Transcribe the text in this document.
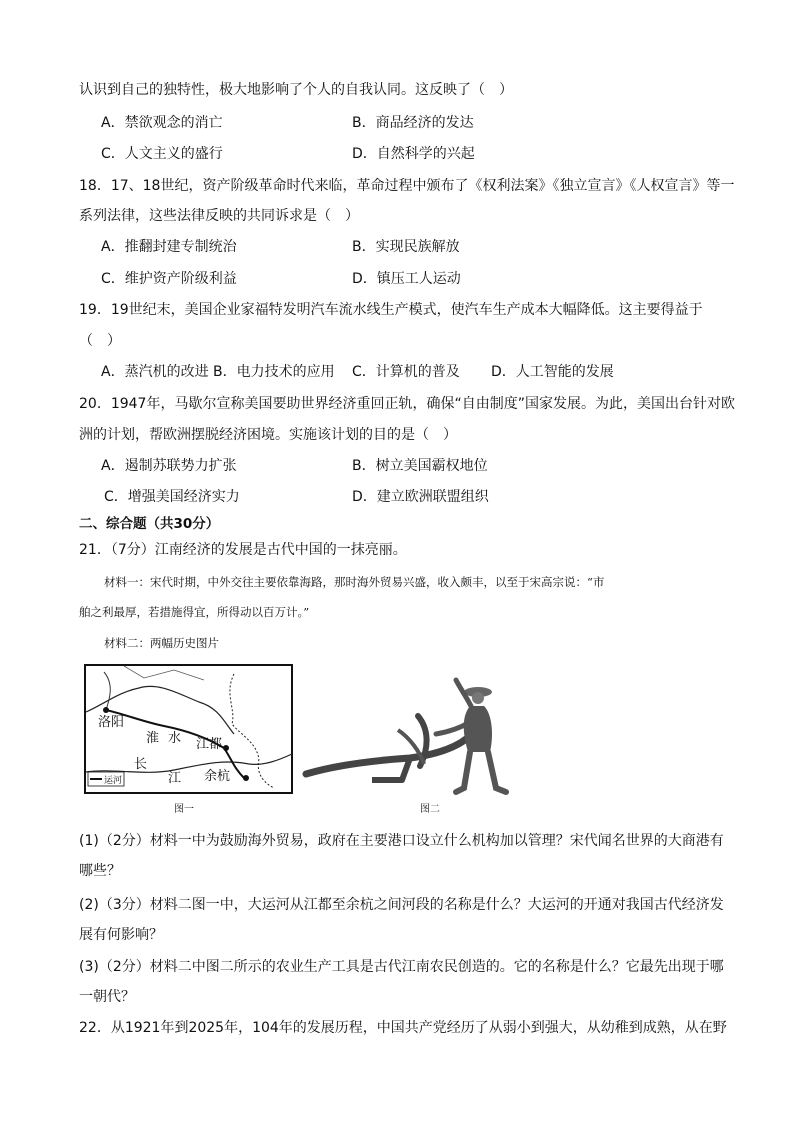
认识到自己的独特性，极大地影响了个人的自我认同。这反映了（　）
A．禁欲观念的消亡	B．商品经济的发达
C．人文主义的盛行	D．自然科学的兴起
18．17、18世纪，资产阶级革命时代来临，革命过程中颁布了《权利法案》《独立宣言》《人权宣言》等一
系列法律，这些法律反映的共同诉求是（　）
A．推翻封建专制统治	B．实现民族解放
C．维护资产阶级利益	D．镇压工人运动
19．19世纪末，美国企业家福特发明汽车流水线生产模式，使汽车生产成本大幅降低。这主要得益于
（　）
A．蒸汽机的改进 B．电力技术的应用 C．计算机的普及 D．人工智能的发展
20．1947年，马歇尔宣称美国要助世界经济重回正轨，确保“自由制度”国家发展。为此，美国出台针对欧
洲的计划，帮欧洲摆脱经济困境。实施该计划的目的是（　）
A．遏制苏联势力扩张	B．树立美国霸权地位
C．增强美国经济实力	D．建立欧洲联盟组织
二、综合题（共30分）
21．（7分）江南经济的发展是古代中国的一抹亮丽。
材料一：宋代时期，中外交往主要依靠海路，那时海外贸易兴盛，收入颇丰，以至于宋高宗说：“市
舶之利最厚，若措施得宜，所得动以百万计。”
材料二：两幅历史图片
洛阳
淮 水 江都
长
江 余杭
运河
图一	图二
(1)（2分）材料一中为鼓励海外贸易，政府在主要港口设立什么机构加以管理？宋代闻名世界的大商港有
哪些？
(2)（3分）材料二图一中，大运河从江都至余杭之间河段的名称是什么？大运河的开通对我国古代经济发
展有何影响？
(3)（2分）材料二中图二所示的农业生产工具是古代江南农民创造的。它的名称是什么？它最先出现于哪
一朝代？
22．从1921年到2025年，104年的发展历程，中国共产党经历了从弱小到强大，从幼稚到成熟，从在野
